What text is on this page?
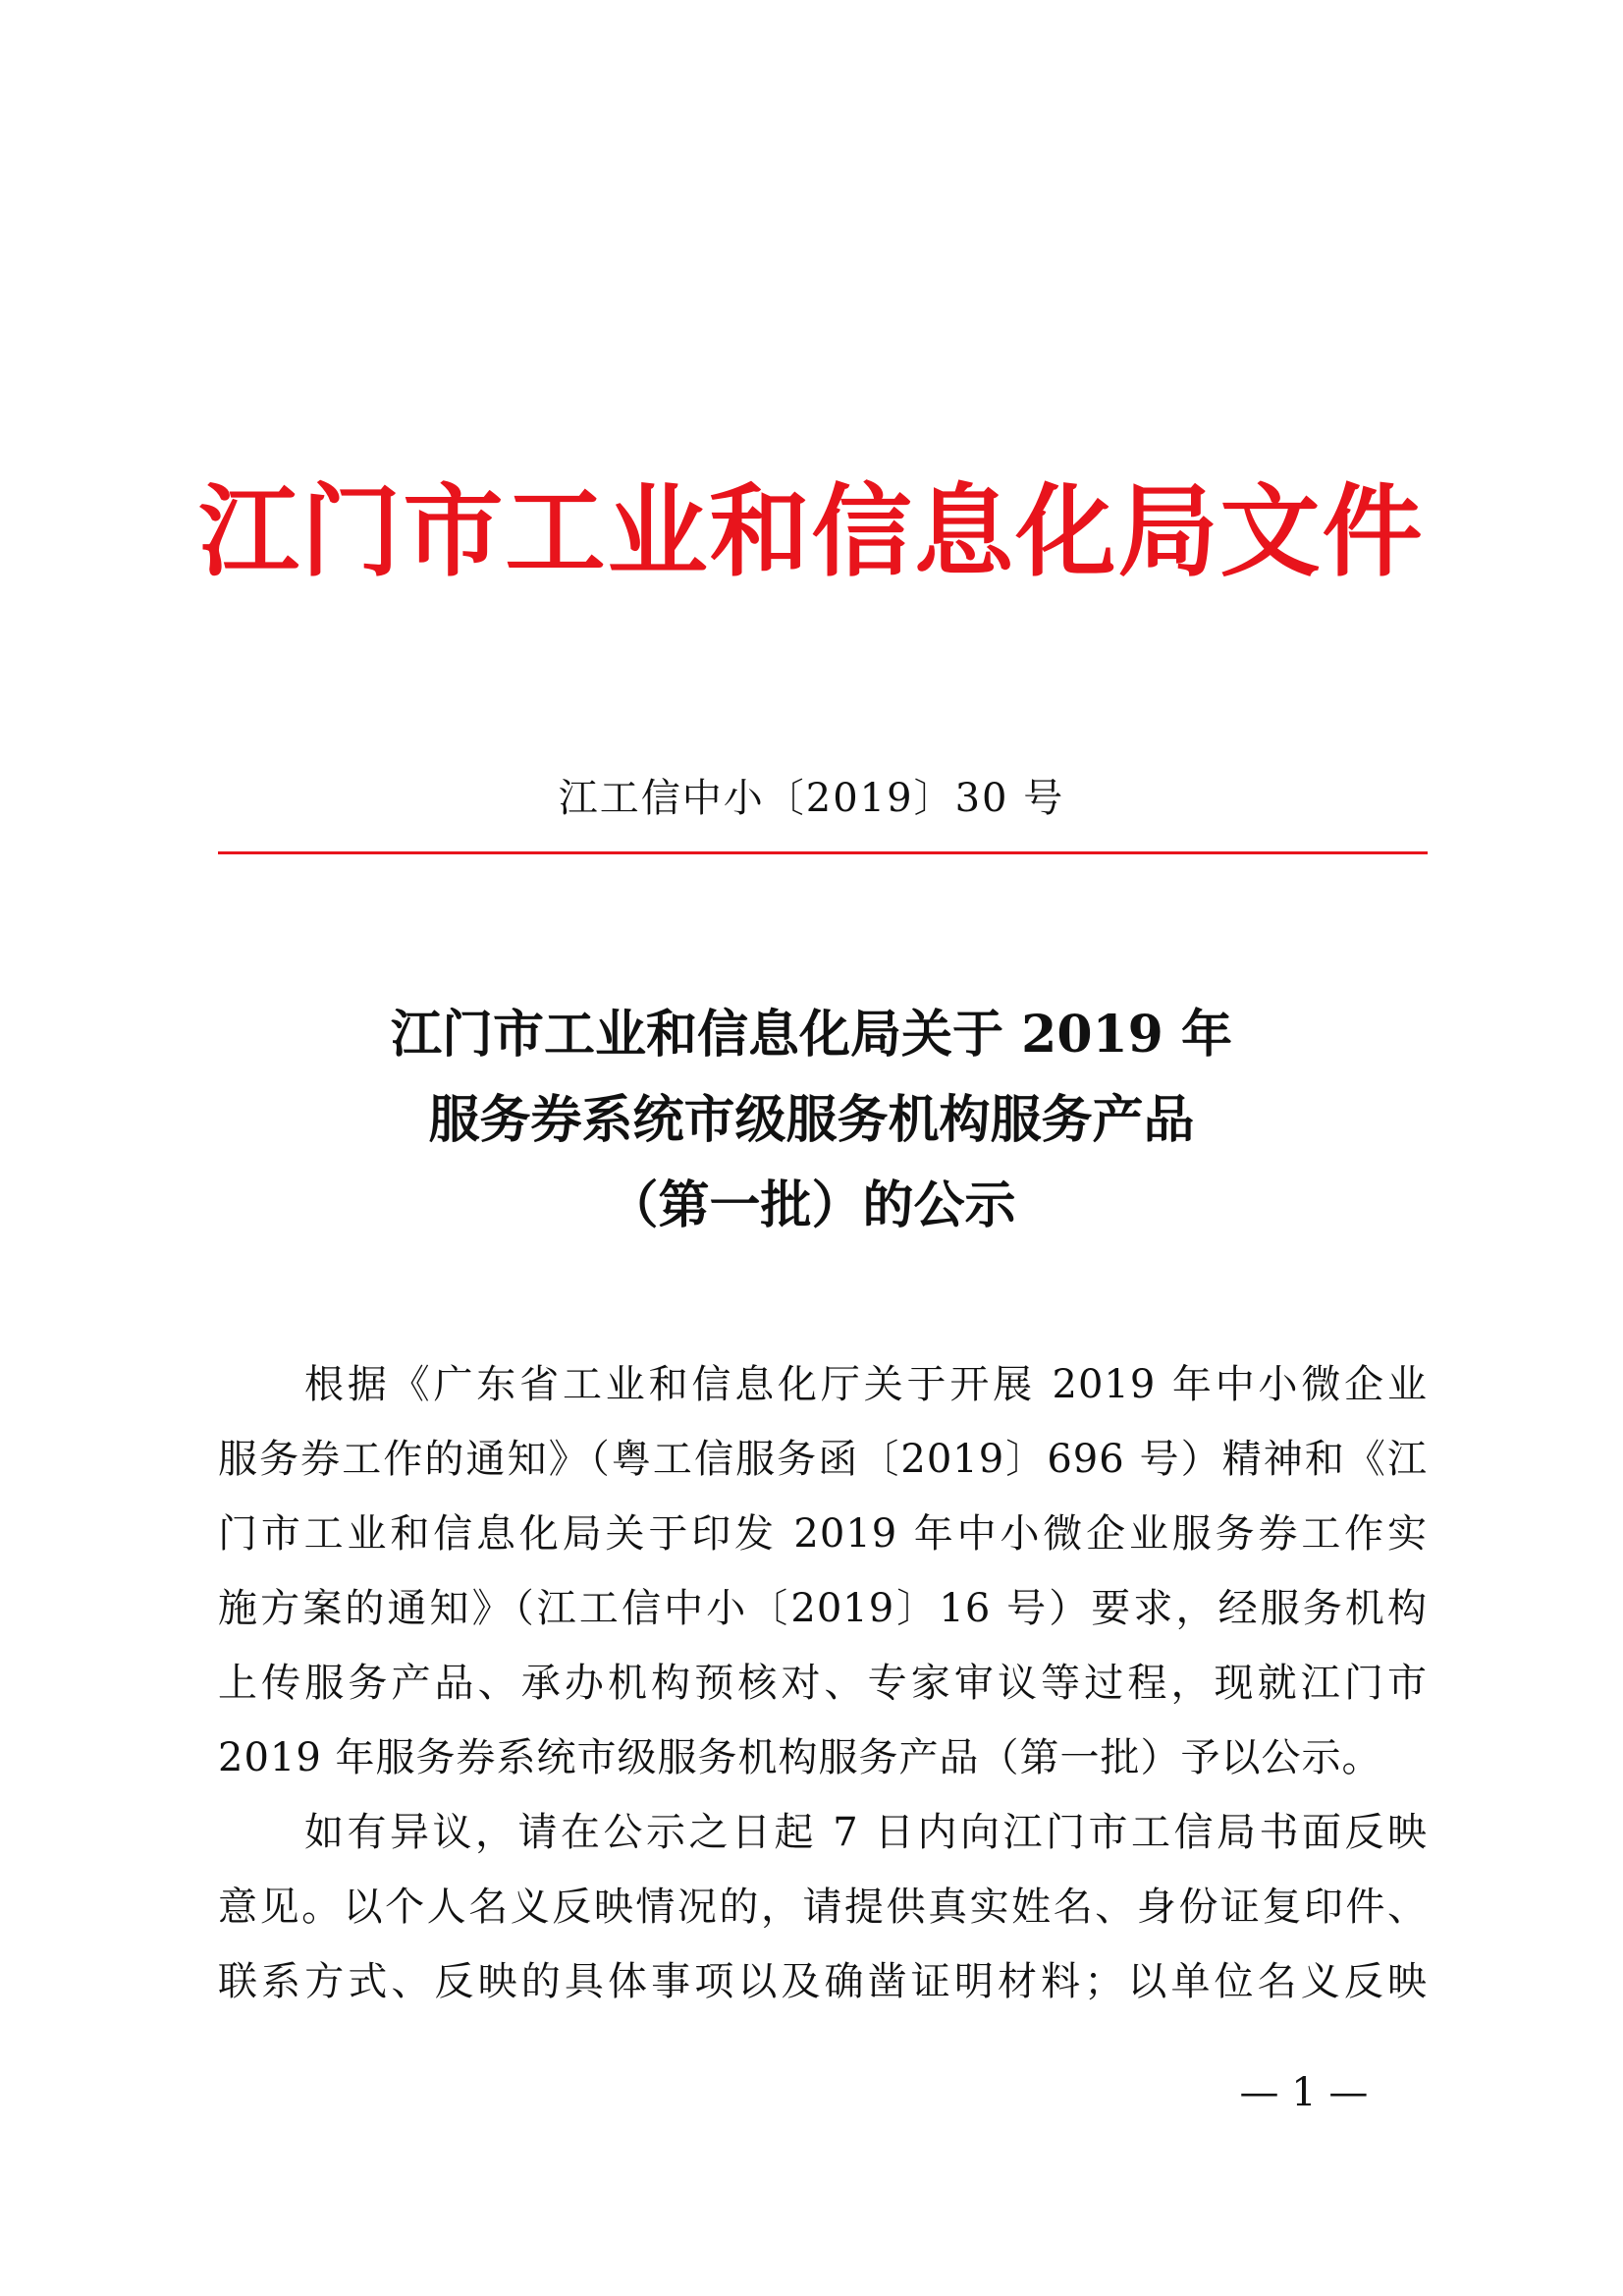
江门市工业和信息化局文件
江工信中小〔2019〕30 号
江门市工业和信息化局关于 2019 年
服务券系统市级服务机构服务产品
（第一批）的公示
根据《广东省工业和信息化厅关于开展 2019 年中小微企业
服务券工作的通知》（粤工信服务函〔2019〕696 号）精神和《江
门市工业和信息化局关于印发 2019 年中小微企业服务券工作实
施方案的通知》（江工信中小〔2019〕16 号）要求，经服务机构
上传服务产品、承办机构预核对、专家审议等过程，现就江门市
2019 年服务券系统市级服务机构服务产品（第一批）予以公示。
如有异议，请在公示之日起 7 日内向江门市工信局书面反映
意见。以个人名义反映情况的，请提供真实姓名、身份证复印件、
联系方式、反映的具体事项以及确凿证明材料；以单位名义反映
— 1 —
